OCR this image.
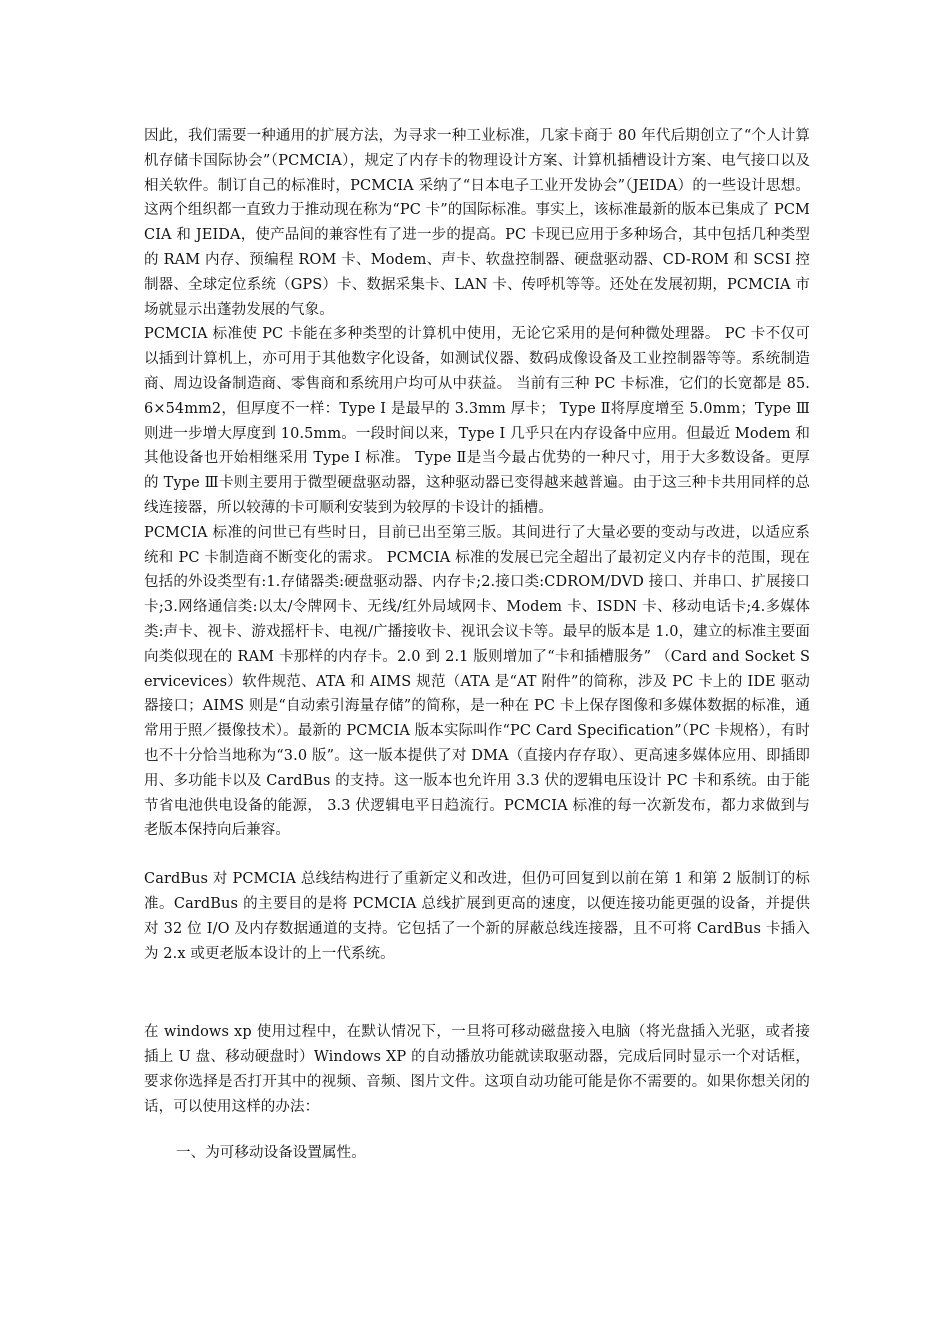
因此，我们需要一种通用的扩展方法，为寻求一种工业标准，几家卡商于 80 年代后期创立了“个人计算机存储卡国际协会”（PCMCIA），规定了内存卡的物理设计方案、计算机插槽设计方案、电气接口以及相关软件。制订自己的标准时，PCMCIA 采纳了“日本电子工业开发协会”（JEIDA）的一些设计思想。这两个组织都一直致力于推动现在称为“PC 卡”的国际标准。事实上，该标准最新的版本已集成了 PCMCIA 和 JEIDA，使产品间的兼容性有了进一步的提高。PC 卡现已应用于多种场合，其中包括几种类型的 RAM 内存、预编程 ROM 卡、Modem、声卡、软盘控制器、硬盘驱动器、CD-ROM 和 SCSI 控制器、全球定位系统（GPS）卡、数据采集卡、LAN 卡、传呼机等等。还处在发展初期，PCMCIA 市场就显示出蓬勃发展的气象。

PCMCIA 标准使 PC 卡能在多种类型的计算机中使用，无论它采用的是何种微处理器。 PC 卡不仅可以插到计算机上，亦可用于其他数字化设备，如测试仪器、数码成像设备及工业控制器等等。系统制造商、周边设备制造商、零售商和系统用户均可从中获益。 当前有三种 PC 卡标准，它们的长宽都是 85.6×54mm2，但厚度不一样：Type I 是最早的 3.3mm 厚卡； Type Ⅱ将厚度增至 5.0mm；Type Ⅲ则进一步增大厚度到 10.5mm。一段时间以来，Type I 几乎只在内存设备中应用。但最近 Modem 和其他设备也开始相继采用 Type I 标准。 Type Ⅱ是当今最占优势的一种尺寸，用于大多数设备。更厚的 Type Ⅲ卡则主要用于微型硬盘驱动器，这种驱动器已变得越来越普遍。由于这三种卡共用同样的总线连接器，所以较薄的卡可顺利安装到为较厚的卡设计的插槽。

PCMCIA 标准的问世已有些时日，目前已出至第三版。其间进行了大量必要的变动与改进，以适应系统和 PC 卡制造商不断变化的需求。 PCMCIA 标准的发展已完全超出了最初定义内存卡的范围，现在包括的外设类型有:1.存储器类:硬盘驱动器、内存卡;2.接口类:CDROM/DVD 接口、并串口、扩展接口卡;3.网络通信类:以太/令牌网卡、无线/红外局域网卡、Modem 卡、ISDN 卡、移动电话卡;4.多媒体类:声卡、视卡、游戏摇杆卡、电视/广播接收卡、视讯会议卡等。最早的版本是 1.0，建立的标准主要面向类似现在的 RAM 卡那样的内存卡。2.0 到 2.1 版则增加了“卡和插槽服务” （Card and Socket Servicevices）软件规范、ATA 和 AIMS 规范（ATA 是“AT 附件”的简称，涉及 PC 卡上的 IDE 驱动器接口；AIMS 则是“自动索引海量存储”的简称，是一种在 PC 卡上保存图像和多媒体数据的标准，通常用于照／摄像技术）。最新的 PCMCIA 版本实际叫作“PC Card Specification”（PC 卡规格），有时也不十分恰当地称为“3.0 版”。这一版本提供了对 DMA（直接内存存取）、更高速多媒体应用、即插即用、多功能卡以及 CardBus 的支持。这一版本也允许用 3.3 伏的逻辑电压设计 PC 卡和系统。由于能节省电池供电设备的能源， 3.3 伏逻辑电平日趋流行。PCMCIA 标准的每一次新发布，都力求做到与老版本保持向后兼容。

CardBus 对 PCMCIA 总线结构进行了重新定义和改进，但仍可回复到以前在第 1 和第 2 版制订的标准。CardBus 的主要目的是将 PCMCIA 总线扩展到更高的速度，以便连接功能更强的设备，并提供对 32 位 I/O 及内存数据通道的支持。它包括了一个新的屏蔽总线连接器，且不可将 CardBus 卡插入为 2.x 或更老版本设计的上一代系统。

在 windows xp 使用过程中，在默认情况下，一旦将可移动磁盘接入电脑（将光盘插入光驱，或者接插上 U 盘、移动硬盘时）Windows XP 的自动播放功能就读取驱动器，完成后同时显示一个对话框，要求你选择是否打开其中的视频、音频、图片文件。这项自动功能可能是你不需要的。如果你想关闭的话，可以使用这样的办法：

一、为可移动设备设置属性。
